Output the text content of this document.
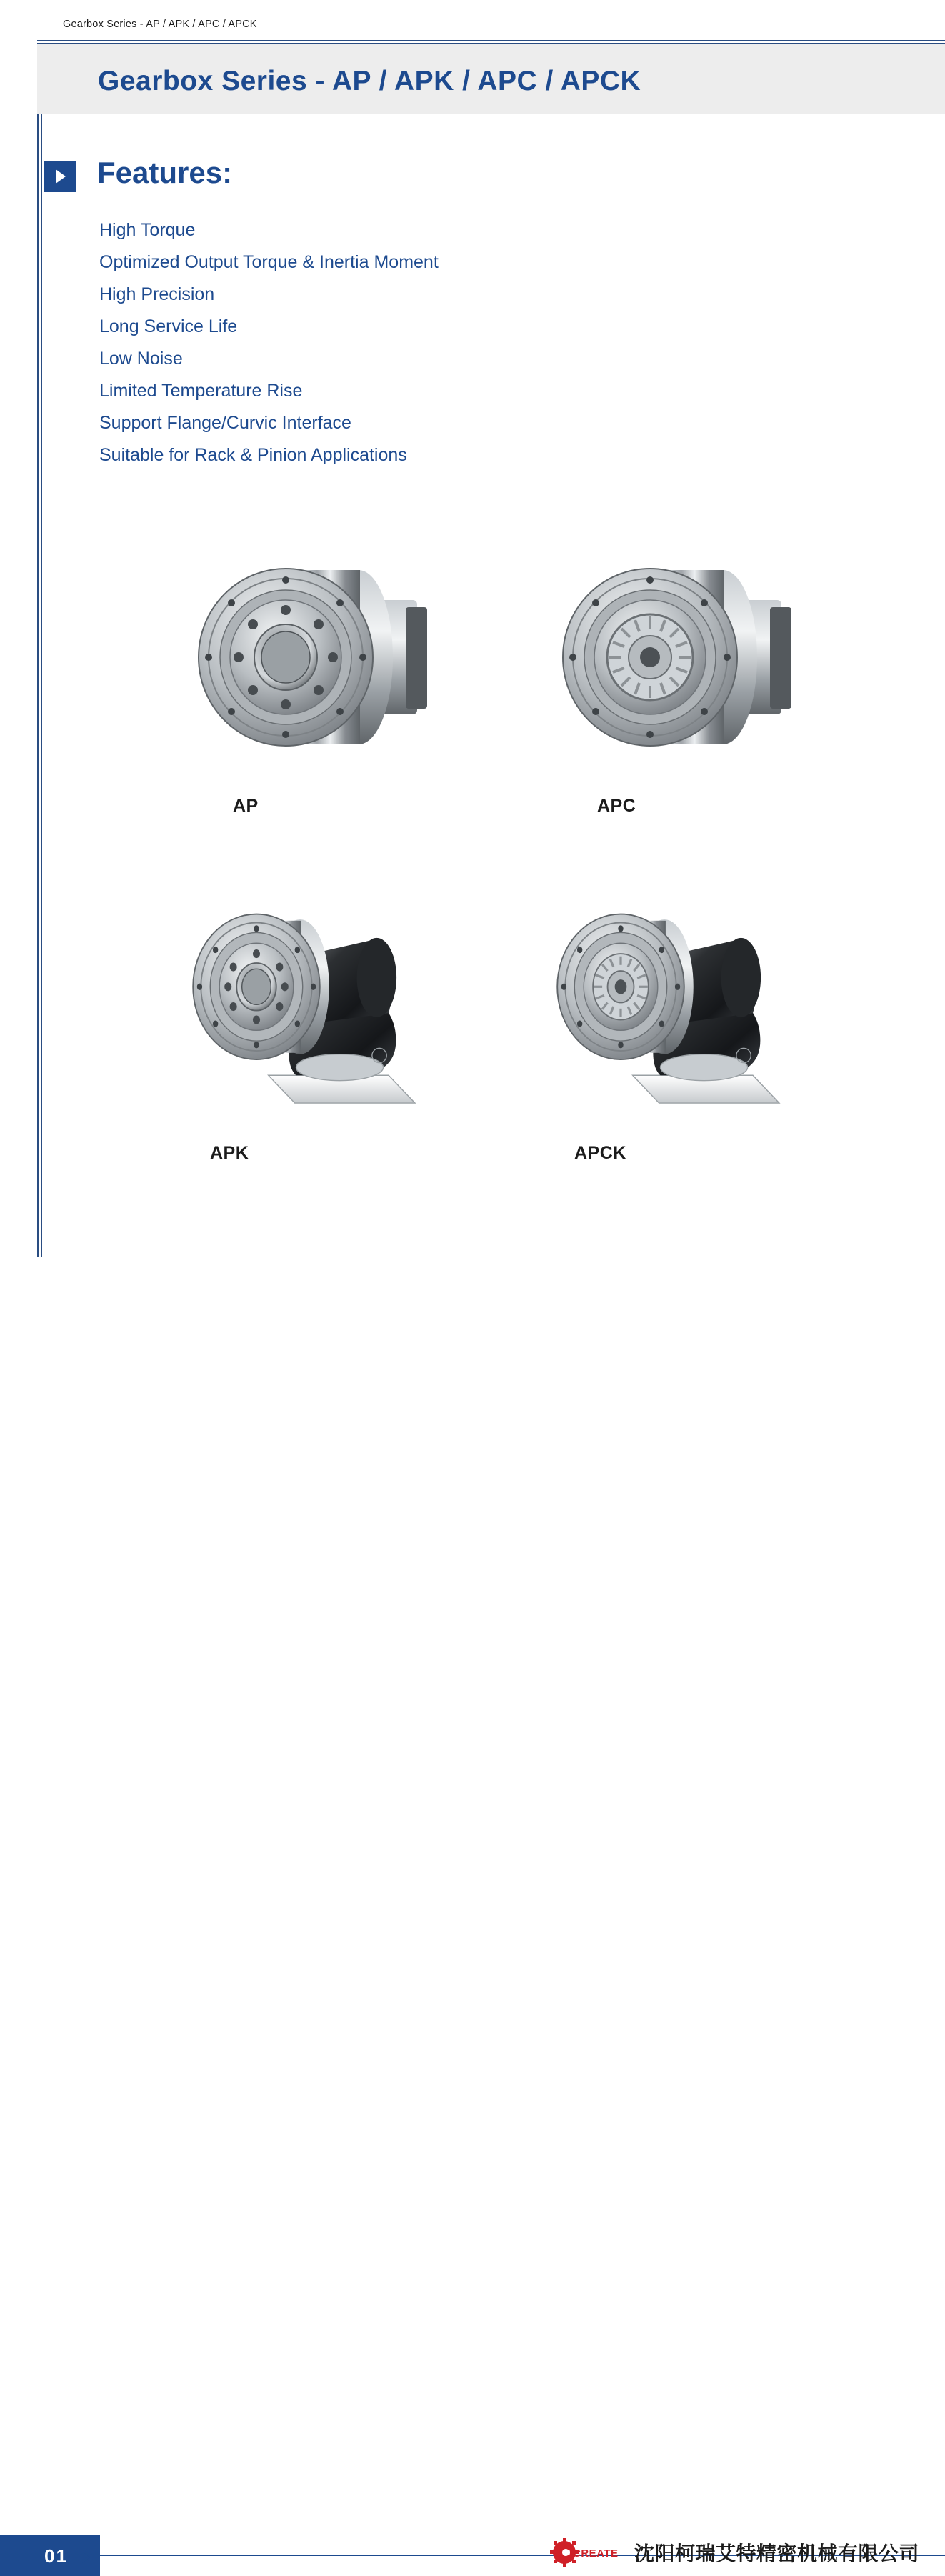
Gearbox Series - AP / APK / APC / APCK
Gearbox Series - AP / APK / APC / APCK
Features:
High Torque
Optimized Output Torque & Inertia Moment
High Precision
Long Service Life
Low Noise
Limited Temperature Rise
Support Flange/Curvic Interface
Suitable for Rack & Pinion Applications
AP	APC
APK	APCK
01	CREATE 沈阳柯瑞艾特精密机械有限公司
